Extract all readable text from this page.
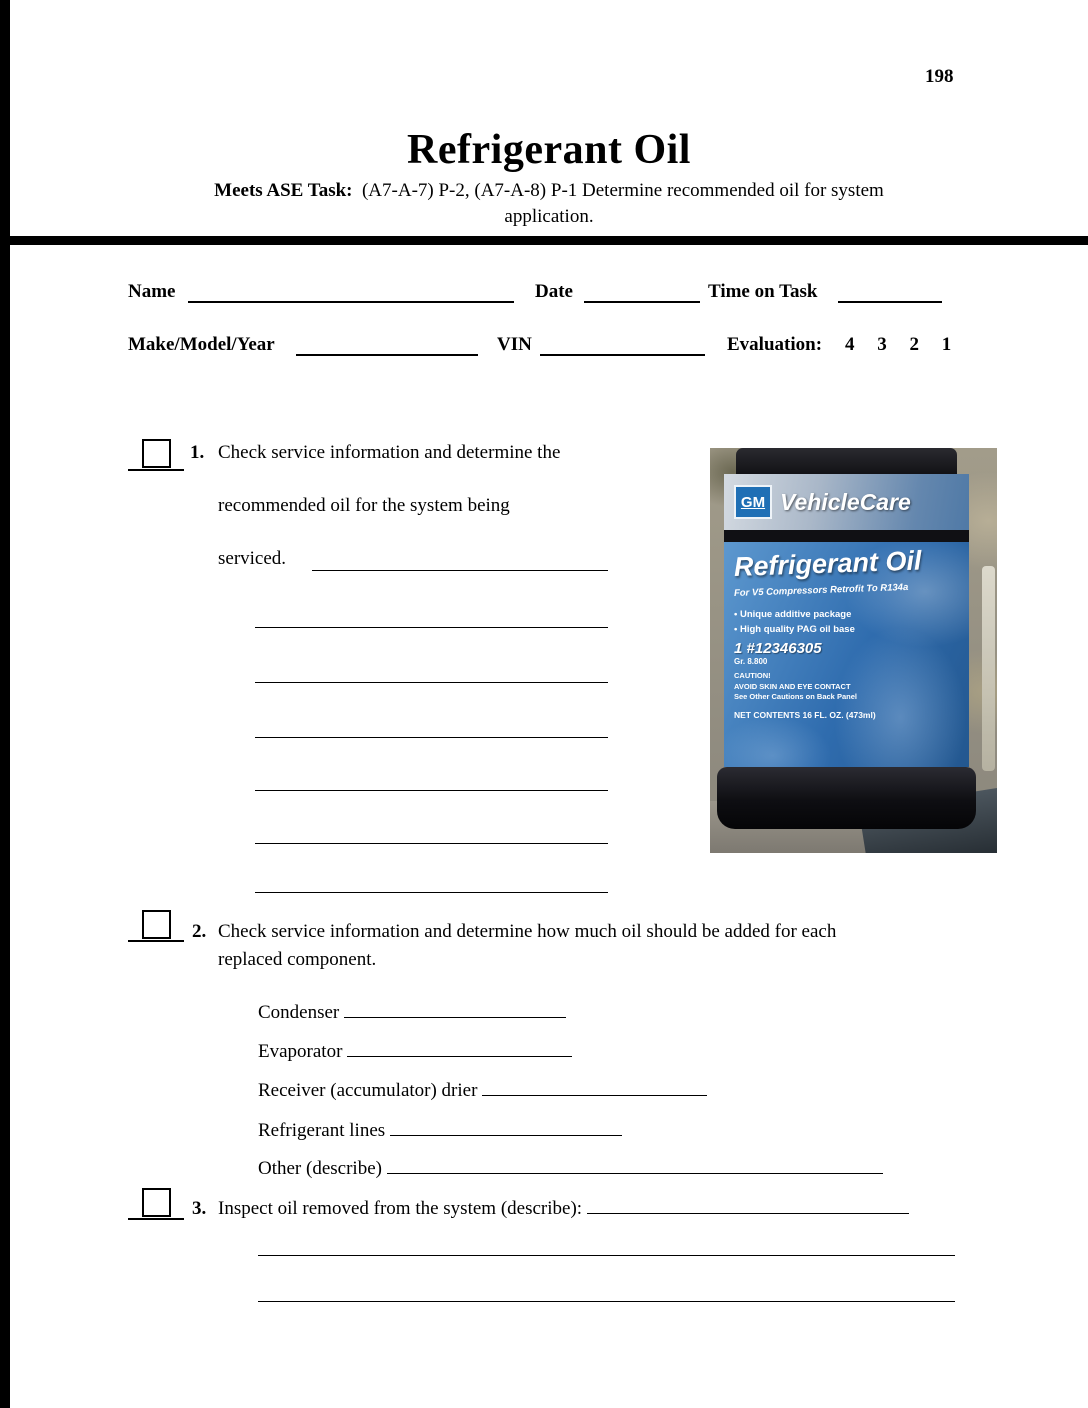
198
Refrigerant Oil
Meets ASE Task: (A7-A-7) P-2, (A7-A-8) P-1 Determine recommended oil for system
application.
Name	Date	Time on Task
Make/Model/Year	VIN	Evaluation: 4 3 2 1
1. Check service information and determine the
recommended oil for the system being
serviced.
GM VehicleCare
Refrigerant Oil
For V5 Compressors Retrofit To R134a
• Unique additive package
• High quality PAG oil base
1 #12346305
Gr. 8.800
CAUTION!
AVOID SKIN AND EYE CONTACT
See Other Cautions on Back Panel
NET CONTENTS 16 FL. OZ. (473ml)
2. Check service information and determine how much oil should be added for each
replaced component.
Condenser
Evaporator
Receiver (accumulator) drier
Refrigerant lines
Other (describe)
3. Inspect oil removed from the system (describe):
